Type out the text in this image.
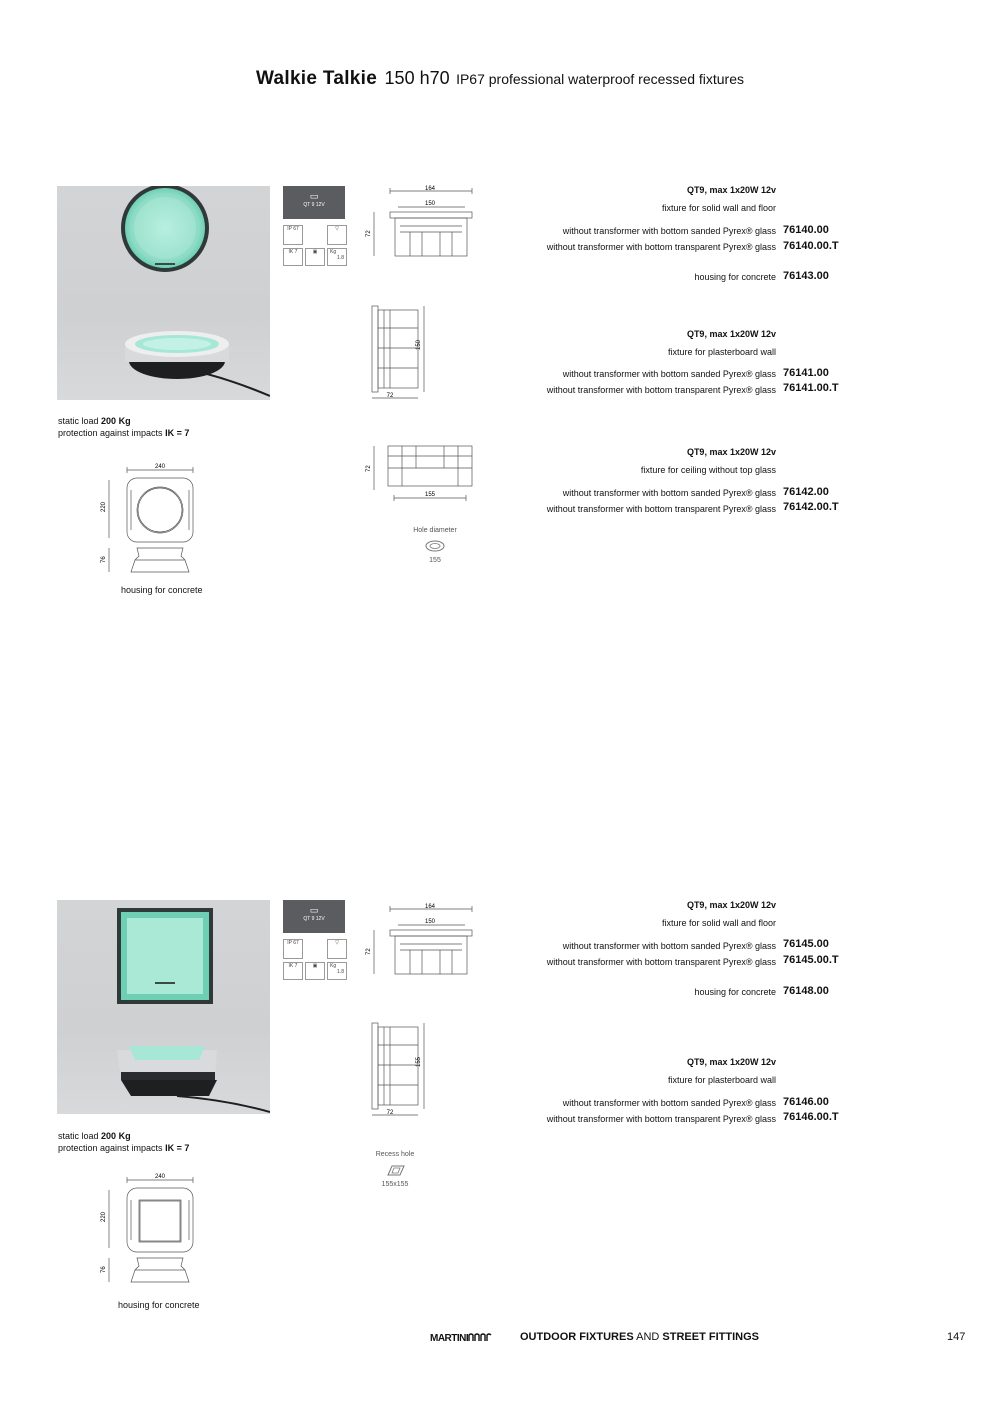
Walkie Talkie 150 h70 IP67 professional waterproof recessed fixtures
▭
QT 9 12V
IP 67	▽
IK 7	▣	Kg
1.8
164
150
72
150
72
72
155
Hole diameter
155
static load 200 Kg
protection against impacts IK = 7
240
220
76
housing for concrete
QT9, max 1x20W 12v
fixture for solid wall and floor
without transformer with bottom sanded Pyrex® glass 76140.00
without transformer with bottom transparent Pyrex® glass 76140.00.T
housing for concrete 76143.00
QT9, max 1x20W 12v
fixture for plasterboard wall
without transformer with bottom sanded Pyrex® glass 76141.00
without transformer with bottom transparent Pyrex® glass 76141.00.T
QT9, max 1x20W 12v
fixture for ceiling without top glass
without transformer with bottom sanded Pyrex® glass 76142.00
without transformer with bottom transparent Pyrex® glass 76142.00.T
▭
QT 9 12V
IP 67	▽
IK 7	▣	Kg
1.8
164
150
72
155
72
Recess hole
155x155
static load 200 Kg
protection against impacts IK = 7
240
220
76
housing for concrete
QT9, max 1x20W 12v
fixture for solid wall and floor
without transformer with bottom sanded Pyrex® glass 76145.00
without transformer with bottom transparent Pyrex® glass 76145.00.T
housing for concrete 76148.00
QT9, max 1x20W 12v
fixture for plasterboard wall
without transformer with bottom sanded Pyrex® glass 76146.00
without transformer with bottom transparent Pyrex® glass 76146.00.T
MARTINI	OUTDOOR FIXTURES AND STREET FITTINGS	147
